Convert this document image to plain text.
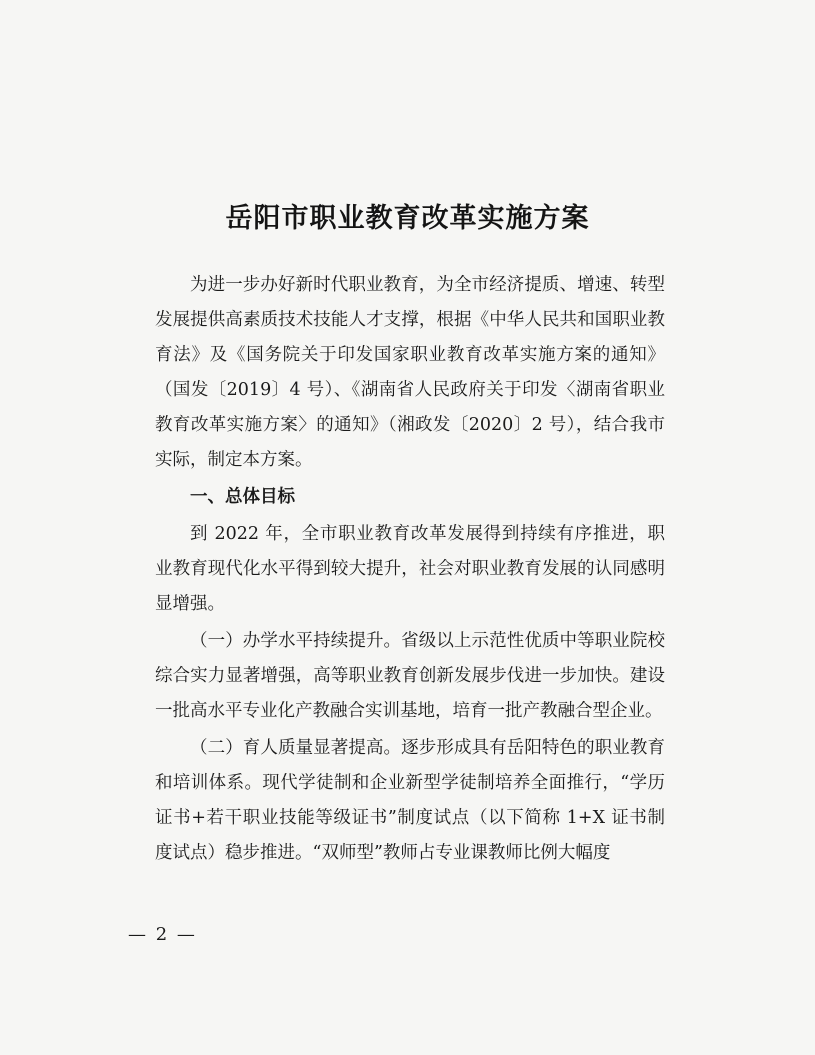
岳阳市职业教育改革实施方案

为进一步办好新时代职业教育，为全市经济提质、增速、转型发展提供高素质技术技能人才支撑，根据《中华人民共和国职业教育法》及《国务院关于印发国家职业教育改革实施方案的通知》（国发〔2019〕4 号）、《湖南省人民政府关于印发〈湖南省职业教育改革实施方案〉的通知》（湘政发〔2020〕2 号），结合我市实际，制定本方案。

一、总体目标

到 2022 年，全市职业教育改革发展得到持续有序推进，职业教育现代化水平得到较大提升，社会对职业教育发展的认同感明显增强。

（一）办学水平持续提升。省级以上示范性优质中等职业院校综合实力显著增强，高等职业教育创新发展步伐进一步加快。建设一批高水平专业化产教融合实训基地，培育一批产教融合型企业。

（二）育人质量显著提高。逐步形成具有岳阳特色的职业教育和培训体系。现代学徒制和企业新型学徒制培养全面推行，“学历证书+若干职业技能等级证书”制度试点（以下简称 1+X 证书制度试点）稳步推进。“双师型”教师占专业课教师比例大幅度

— 2 —
